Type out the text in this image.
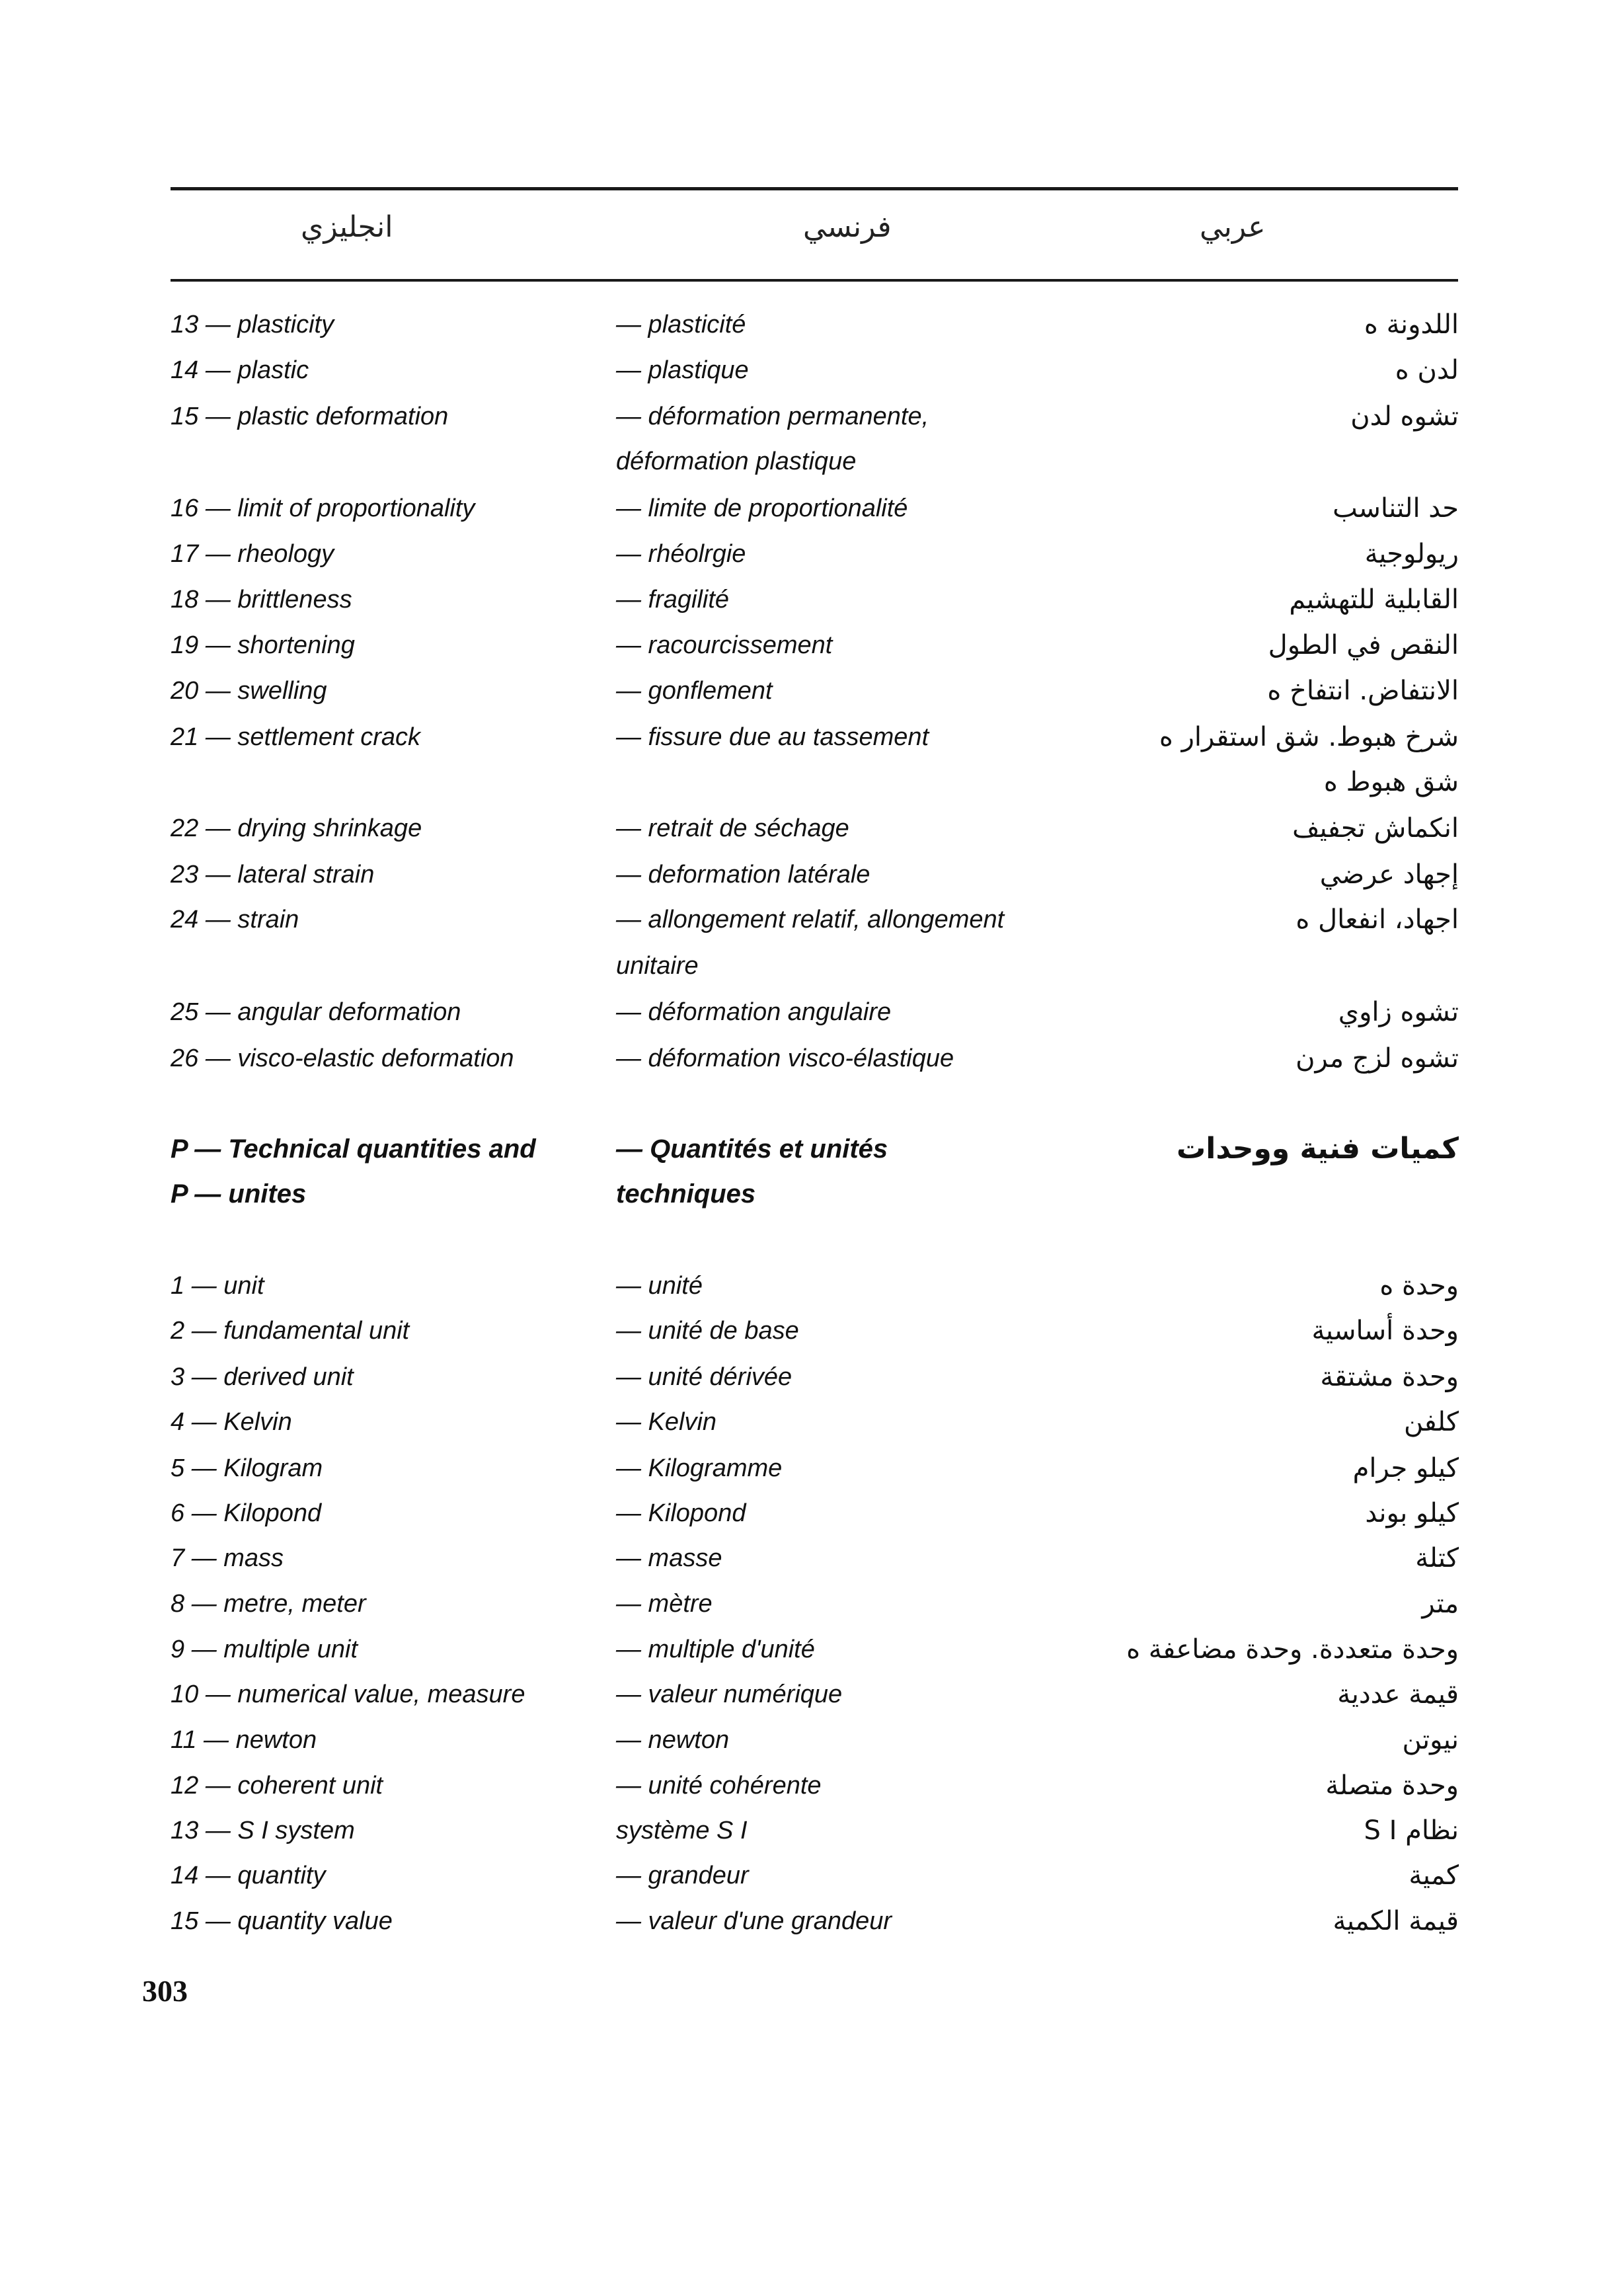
انجليزي	فرنسي	عربي
13 — plasticity	— plasticité	اللدونة ه
14 — plastic	— plastique	لدن ه
15 — plastic deformation	— déformation permanente,	تشوه لدن
déformation plastique
16 — limit of proportionality	— limite de proportionalité	حد التناسب
17 — rheology	— rhéolrgie	ريولوجية
18 — brittleness	— fragilité	القابلية للتهشيم
19 — shortening	— racourcissement	النقص في الطول
20 — swelling	— gonflement	الانتفاض. انتفاخ ه
21 — settlement crack	— fissure due au tassement	شرخ هبوط. شق استقرار ه
شق هبوط ه
22 — drying shrinkage	— retrait de séchage	انكماش تجفيف
23 — lateral strain	— deformation latérale	إجهاد عرضي
24 — strain	— allongement relatif, allongement	اجهاد، انفعال ه
unitaire
25 — angular deformation	— déformation angulaire	تشوه زاوي
26 — visco-elastic deformation	— déformation visco-élastique	تشوه لزج مرن
P — Technical quantities and	— Quantités et unités	كميات فنية ووحدات
P — unites	techniques
1 — unit	— unité	وحدة ه
2 — fundamental unit	— unité de base	وحدة أساسية
3 — derived unit	— unité dérivée	وحدة مشتقة
4 — Kelvin	— Kelvin	كلفن
5 — Kilogram	— Kilogramme	كيلو جرام
6 — Kilopond	— Kilopond	كيلو بوند
7 — mass	— masse	كتلة
8 — metre, meter	— mètre	متر
9 — multiple unit	— multiple d'unité	وحدة متعددة. وحدة مضاعفة ه
10 — numerical value, measure	— valeur numérique	قيمة عددية
11 — newton	— newton	نيوتن
12 — coherent unit	— unité cohérente	وحدة متصلة
13 — S I system	système S I	نظام S I
14 — quantity	— grandeur	كمية
15 — quantity value	— valeur d'une grandeur	قيمة الكمية
303
